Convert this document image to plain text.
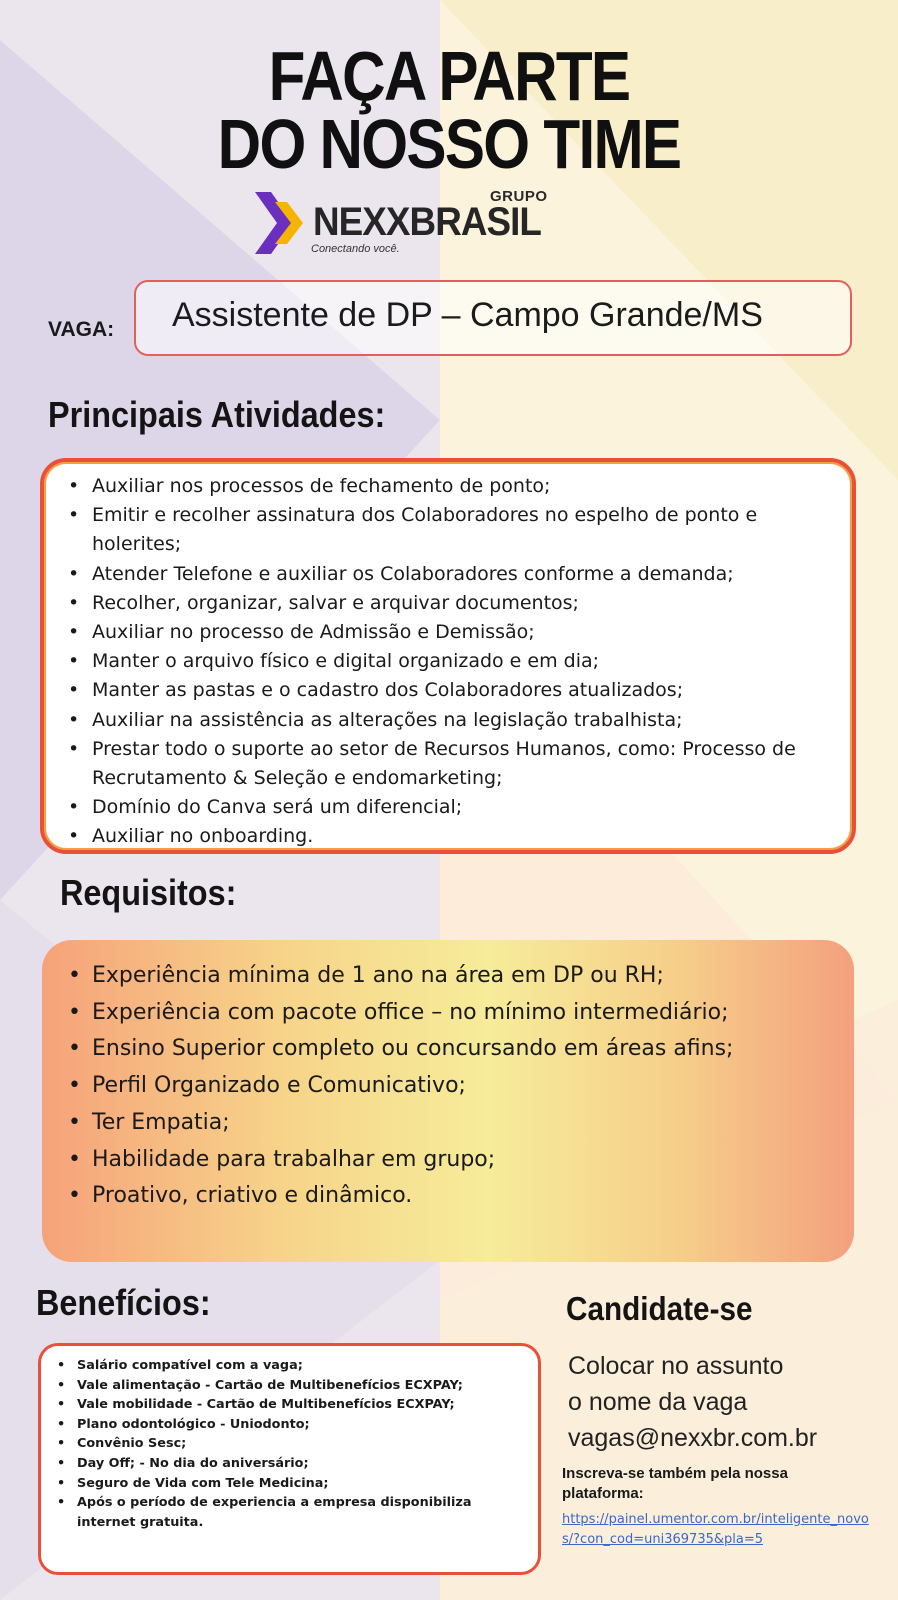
FAÇA PARTE
DO NOSSO TIME
GRUPO
NEXXBRASIL
Conectando você.
VAGA: Assistente de DP – Campo Grande/MS
Principais Atividades:
• Auxiliar nos processos de fechamento de ponto;
• Emitir e recolher assinatura dos Colaboradores no espelho de ponto e holerites;
• Atender Telefone e auxiliar os Colaboradores conforme a demanda;
• Recolher, organizar, salvar e arquivar documentos;
• Auxiliar no processo de Admissão e Demissão;
• Manter o arquivo físico e digital organizado e em dia;
• Manter as pastas e o cadastro dos Colaboradores atualizados;
• Auxiliar na assistência as alterações na legislação trabalhista;
• Prestar todo o suporte ao setor de Recursos Humanos, como: Processo de Recrutamento & Seleção e endomarketing;
• Domínio do Canva será um diferencial;
• Auxiliar no onboarding.
Requisitos:
• Experiência mínima de 1 ano na área em DP ou RH;
• Experiência com pacote office – no mínimo intermediário;
• Ensino Superior completo ou concursando em áreas afins;
• Perfil Organizado e Comunicativo;
• Ter Empatia;
• Habilidade para trabalhar em grupo;
• Proativo, criativo e dinâmico.
Benefícios:
• Salário compatível com a vaga;
• Vale alimentação - Cartão de Multibenefícios ECXPAY;
• Vale mobilidade - Cartão de Multibenefícios ECXPAY;
• Plano odontológico - Uniodonto;
• Convênio Sesc;
• Day Off; - No dia do aniversário;
• Seguro de Vida com Tele Medicina;
• Após o período de experiencia a empresa disponibiliza internet gratuita.
Candidate-se
Colocar no assunto
o nome da vaga
vagas@nexxbr.com.br
Inscreva-se também pela nossa plataforma:
https://painel.umentor.com.br/inteligente_novos/?con_cod=uni369735&pla=5
